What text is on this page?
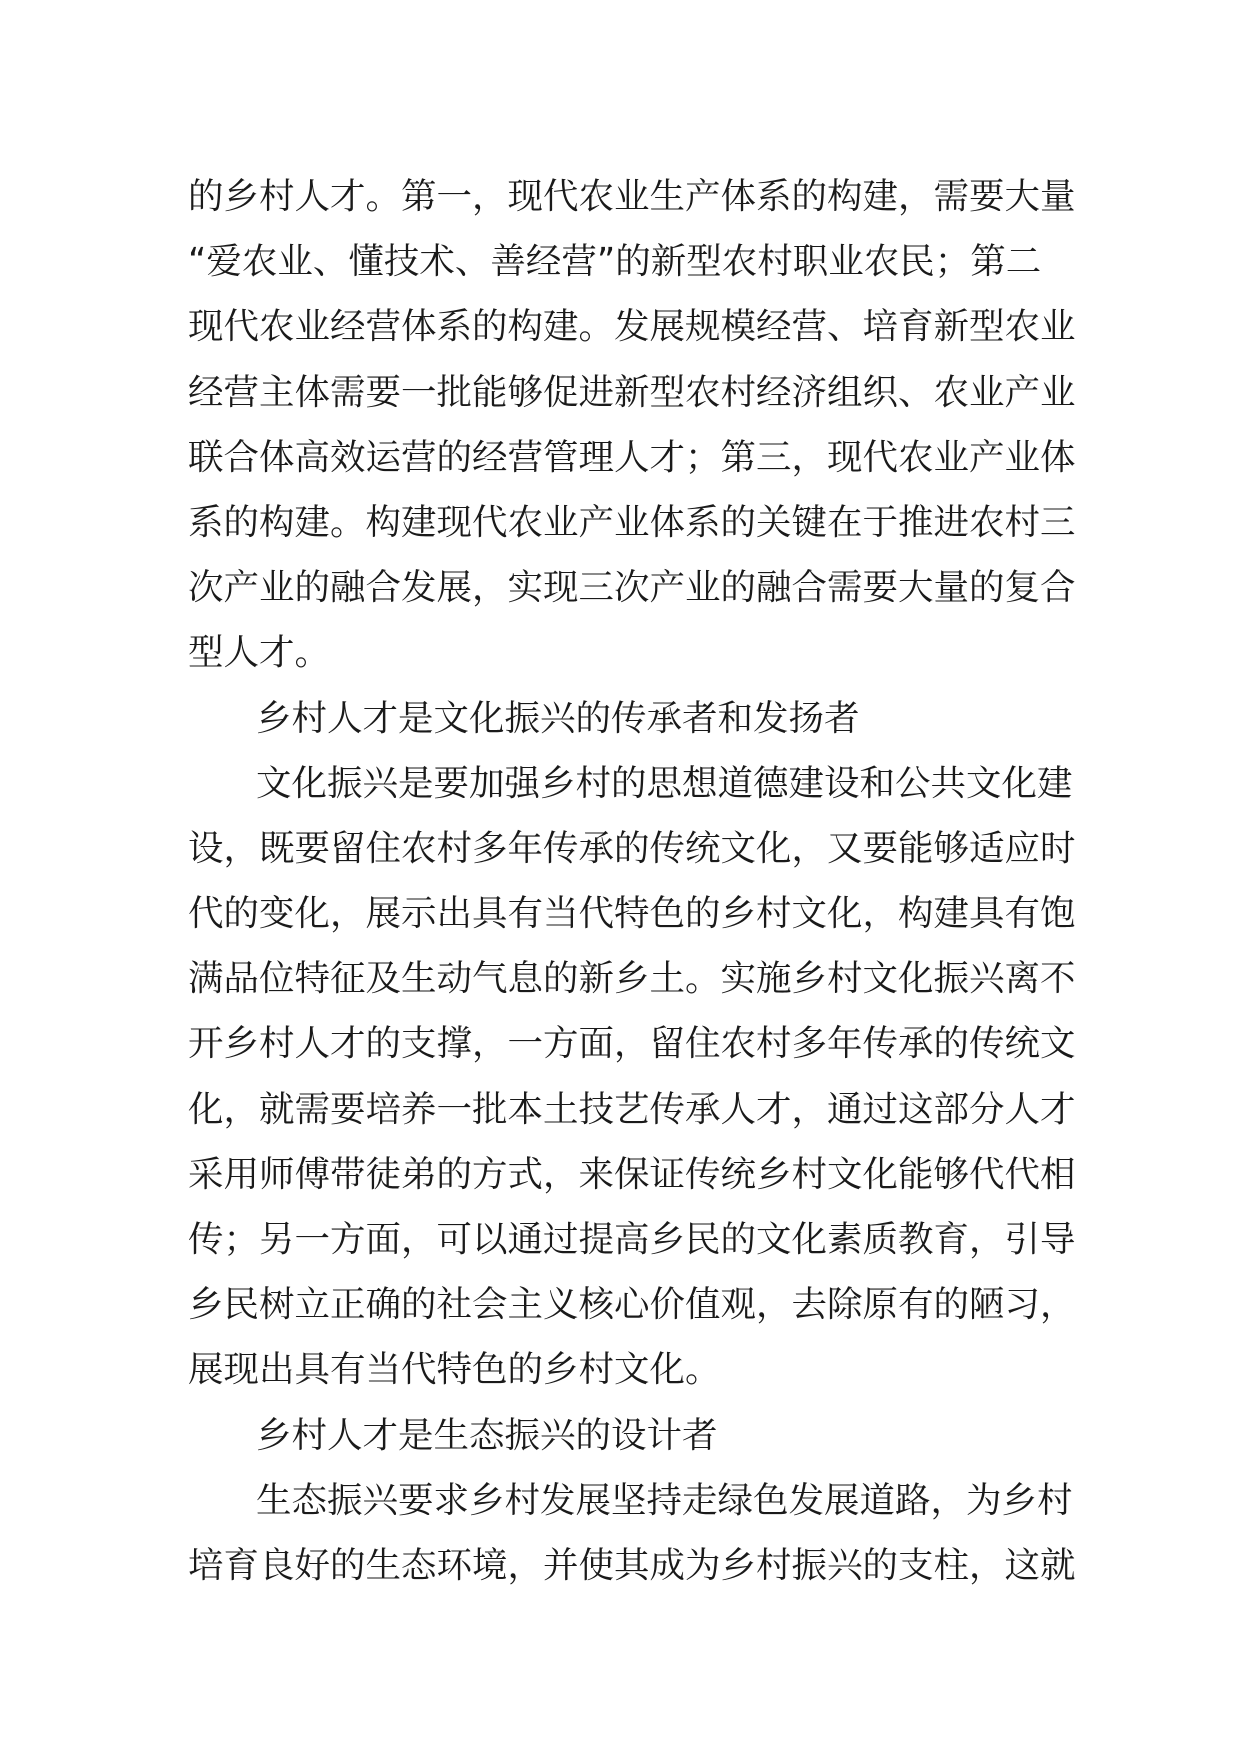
的乡村人才。第一，现代农业生产体系的构建，需要大量
“爱农业、懂技术、善经营”的新型农村职业农民；第二
现代农业经营体系的构建。发展规模经营、培育新型农业
经营主体需要一批能够促进新型农村经济组织、农业产业
联合体高效运营的经营管理人才；第三，现代农业产业体
系的构建。构建现代农业产业体系的关键在于推进农村三
次产业的融合发展，实现三次产业的融合需要大量的复合
型人才。
乡村人才是文化振兴的传承者和发扬者
文化振兴是要加强乡村的思想道德建设和公共文化建
设，既要留住农村多年传承的传统文化，又要能够适应时
代的变化，展示出具有当代特色的乡村文化，构建具有饱
满品位特征及生动气息的新乡土。实施乡村文化振兴离不
开乡村人才的支撑，一方面，留住农村多年传承的传统文
化，就需要培养一批本土技艺传承人才，通过这部分人才
采用师傅带徒弟的方式，来保证传统乡村文化能够代代相
传；另一方面，可以通过提高乡民的文化素质教育，引导
乡民树立正确的社会主义核心价值观，去除原有的陋习，
展现出具有当代特色的乡村文化。
乡村人才是生态振兴的设计者
生态振兴要求乡村发展坚持走绿色发展道路，为乡村
培育良好的生态环境，并使其成为乡村振兴的支柱，这就
